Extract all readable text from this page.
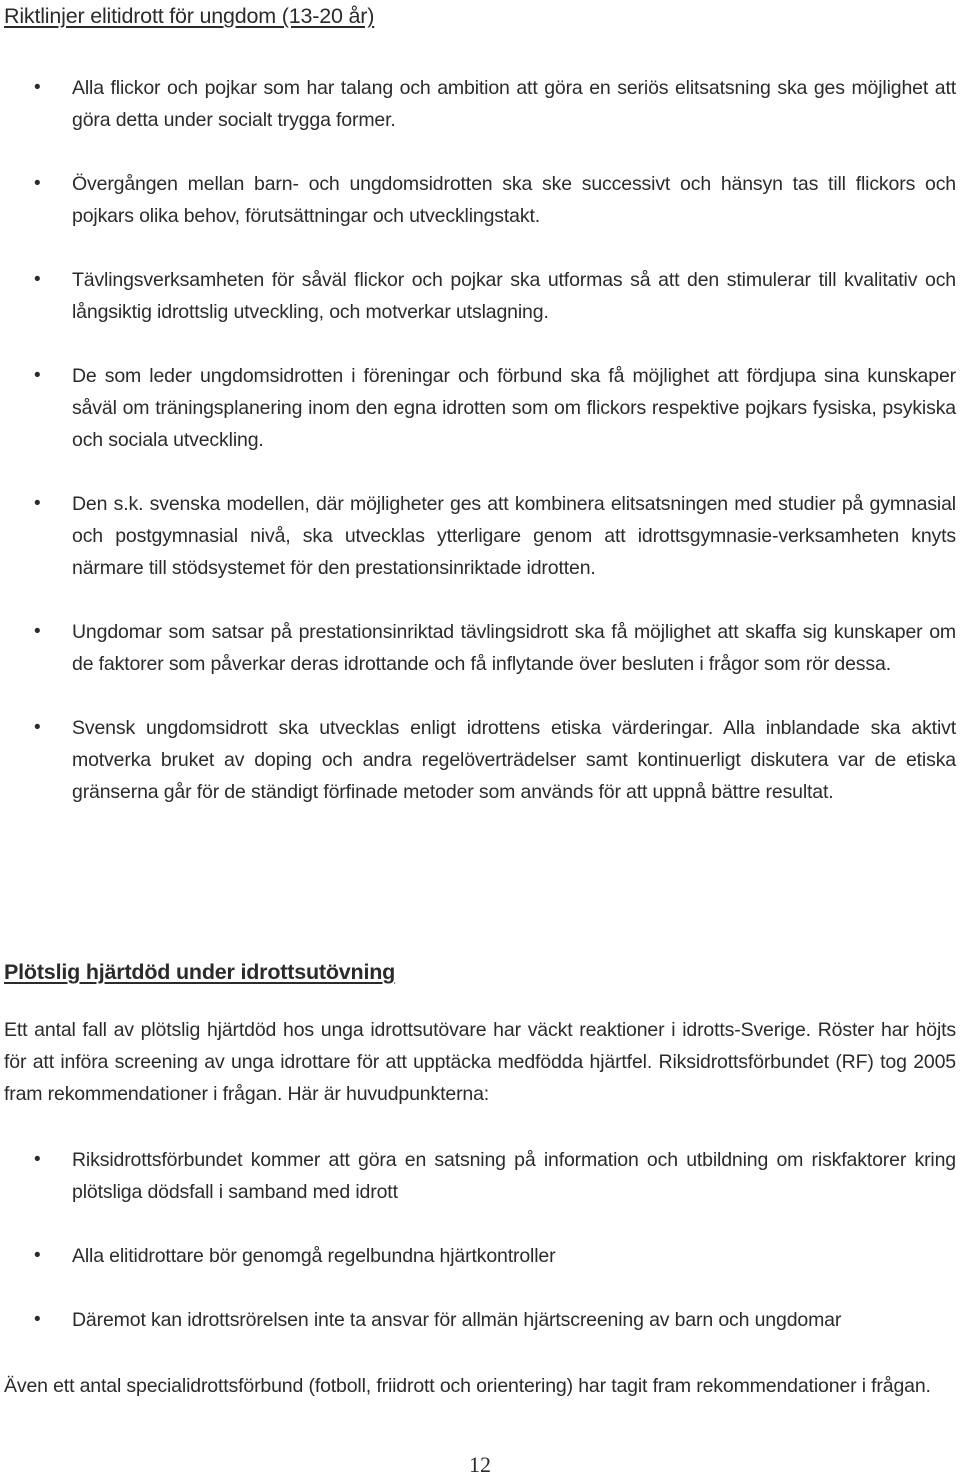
Riktlinjer elitidrott för ungdom (13-20 år)
• Alla flickor och pojkar som har talang och ambition att göra en seriös elitsatsning ska ges möjlighet att göra detta under socialt trygga former.
• Övergången mellan barn- och ungdomsidrotten ska ske successivt och hänsyn tas till flickors och pojkars olika behov, förutsättningar och utvecklingstakt.
• Tävlingsverksamheten för såväl flickor och pojkar ska utformas så att den stimulerar till kvalitativ och långsiktig idrottslig utveckling, och motverkar utslagning.
• De som leder ungdomsidrotten i föreningar och förbund ska få möjlighet att fördjupa sina kunskaper såväl om träningsplanering inom den egna idrotten som om flickors respektive pojkars fysiska, psykiska och sociala utveckling.
• Den s.k. svenska modellen, där möjligheter ges att kombinera elitsatsningen med studier på gymnasial och postgymnasial nivå, ska utvecklas ytterligare genom att idrottsgymnasie-verksamheten knyts närmare till stödsystemet för den prestationsinriktade idrotten.
• Ungdomar som satsar på prestationsinriktad tävlingsidrott ska få möjlighet att skaffa sig kunskaper om de faktorer som påverkar deras idrottande och få inflytande över besluten i frågor som rör dessa.
• Svensk ungdomsidrott ska utvecklas enligt idrottens etiska värderingar. Alla inblandade ska aktivt motverka bruket av doping och andra regelöverträdelser samt kontinuerligt diskutera var de etiska gränserna går för de ständigt förfinade metoder som används för att uppnå bättre resultat.
Plötslig hjärtdöd under idrottsutövning

Ett antal fall av plötslig hjärtdöd hos unga idrottsutövare har väckt reaktioner i idrotts-Sverige. Röster har höjts för att införa screening av unga idrottare för att upptäcka medfödda hjärtfel. Riksidrottsförbundet (RF) tog 2005 fram rekommendationer i frågan. Här är huvudpunkterna:

• Riksidrottsförbundet kommer att göra en satsning på information och utbildning om riskfaktorer kring plötsliga dödsfall i samband med idrott
• Alla elitidrottare bör genomgå regelbundna hjärtkontroller
• Däremot kan idrottsrörelsen inte ta ansvar för allmän hjärtscreening av barn och ungdomar

Även ett antal specialidrottsförbund (fotboll, friidrott och orientering) har tagit fram rekommendationer i frågan.

12
